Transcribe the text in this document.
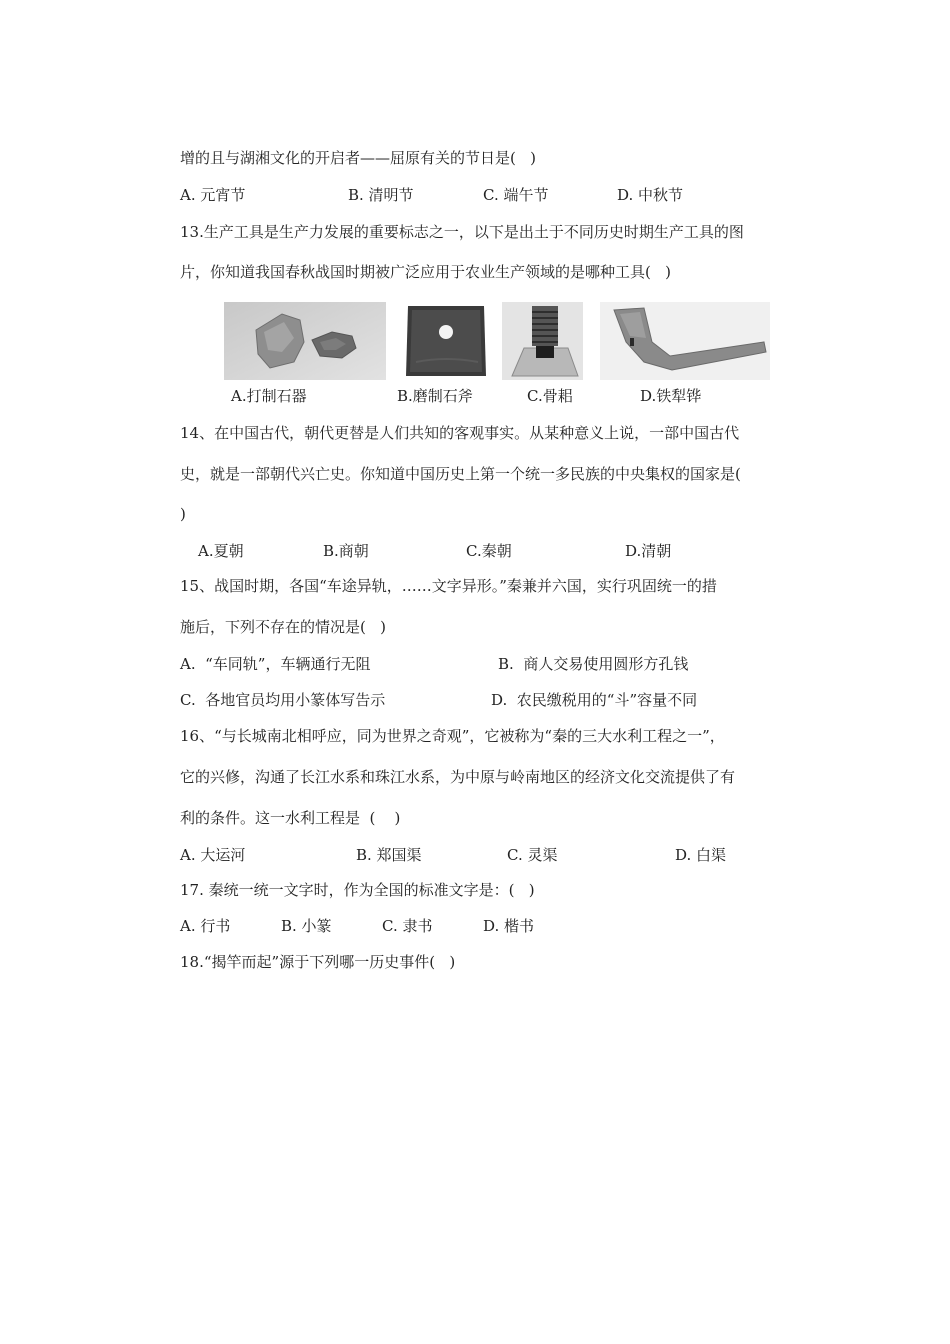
增的且与湖湘文化的开启者——屈原有关的节日是(   )
A. 元宵节	B. 清明节	C. 端午节	D. 中秋节
13.生产工具是生产力发展的重要标志之一，以下是出土于不同历史时期生产工具的图
片，你知道我国春秋战国时期被广泛应用于农业生产领域的是哪种工具(   )
A.打制石器	B.磨制石斧	C.骨耜	D.铁犁铧
14、在中国古代，朝代更替是人们共知的客观事实。从某种意义上说，一部中国古代
史，就是一部朝代兴亡史。你知道中国历史上第一个统一多民族的中央集权的国家是(
)
A.夏朝	B.商朝	C.秦朝	D.清朝
15、战国时期，各国“车途异轨，……文字异形。”秦兼并六国，实行巩固统一的措
施后，下列不存在的情况是(   )
A.  “车同轨”，车辆通行无阻	B.  商人交易使用圆形方孔钱
C.  各地官员均用小篆体写告示	D.  农民缴税用的“斗”容量不同
16、“与长城南北相呼应，同为世界之奇观”，它被称为“秦的三大水利工程之一”，
它的兴修，沟通了长江水系和珠江水系，为中原与岭南地区的经济文化交流提供了有
利的条件。这一水利工程是  (    )
A. 大运河	B. 郑国渠	C. 灵渠	D. 白渠
17. 秦统一统一文字时，作为全国的标准文字是：(   )
A. 行书	B. 小篆	C. 隶书	D. 楷书
18.“揭竿而起”源于下列哪一历史事件(   )
